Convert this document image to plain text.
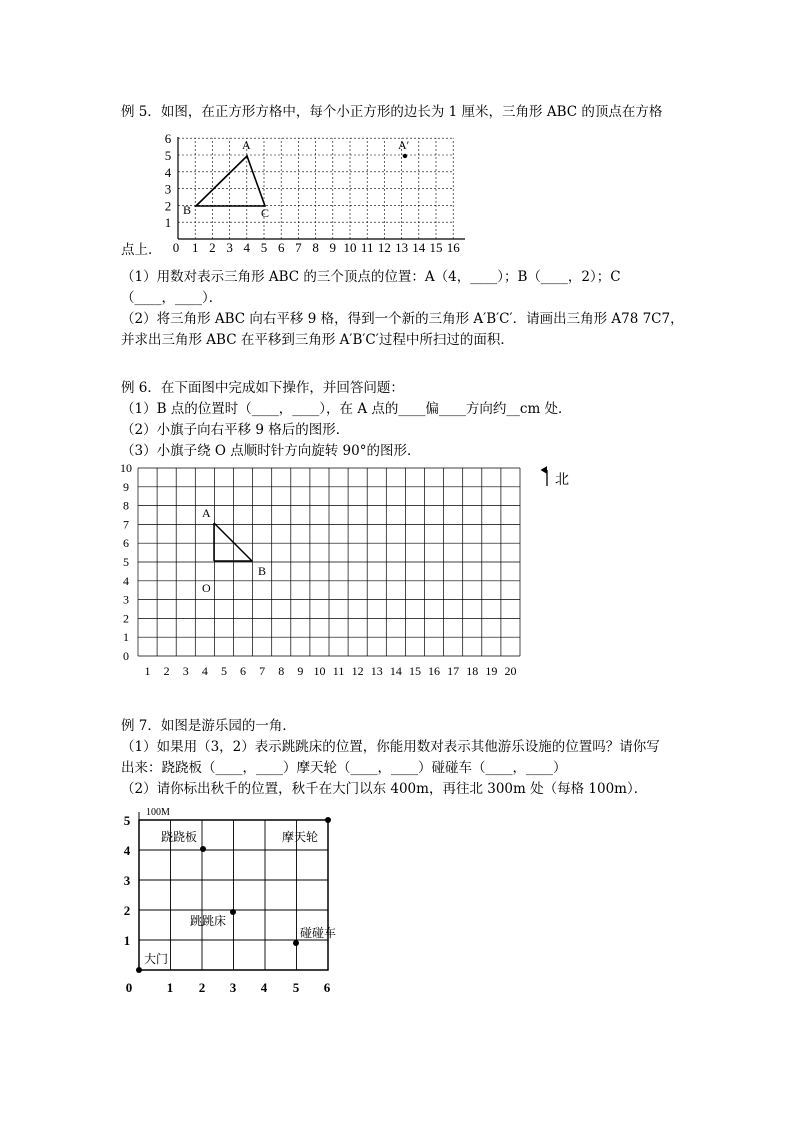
例 5．如图，在正方形方格中，每个小正方形的边长为 1 厘米，三角形 ABC 的顶点在方格
点上．
（1）用数对表示三角形 ABC 的三个顶点的位置：A（4，____）；B（____，2）；C
（____，____）．
（2）将三角形 ABC 向右平移 9 格，得到一个新的三角形 A′B′C′．请画出三角形 A78 7C7，
并求出三角形 ABC 在平移到三角形 A′B′C′过程中所扫过的面积．
例 6．在下面图中完成如下操作，并回答问题：
（1）B 点的位置时（____，____），在 A 点的____偏____方向约__cm 处．
（2）小旗子向右平移 9 格后的图形．
（3）小旗子绕 O 点顺时针方向旋转 90°的图形．
例 7．如图是游乐园的一角．
（1）如果用（3，2）表示跳跳床的位置，你能用数对表示其他游乐设施的位置吗？请你写
出来：跷跷板（____，____）摩天轮（____，____）碰碰车（____，____）
（2）请你标出秋千的位置，秋千在大门以东 400m，再往北 300m 处（每格 100m）．
A
B	C
A′
0 1 2 3 4 5 6 7 8 9 10 11 12 13 14 15 16
1
2
3
4
5
6
A
B
O
北
1 2 3 4 5 6 7 8 9 10 11 12 13 14 15 16 17 18 19 20
0
1
2
3
4
5
6
7
8
9
10
100M
跷跷板	摩天轮
跳跳床
碰碰车
大门
0	1 2 3 4 5 6
1
2
3
4
5
